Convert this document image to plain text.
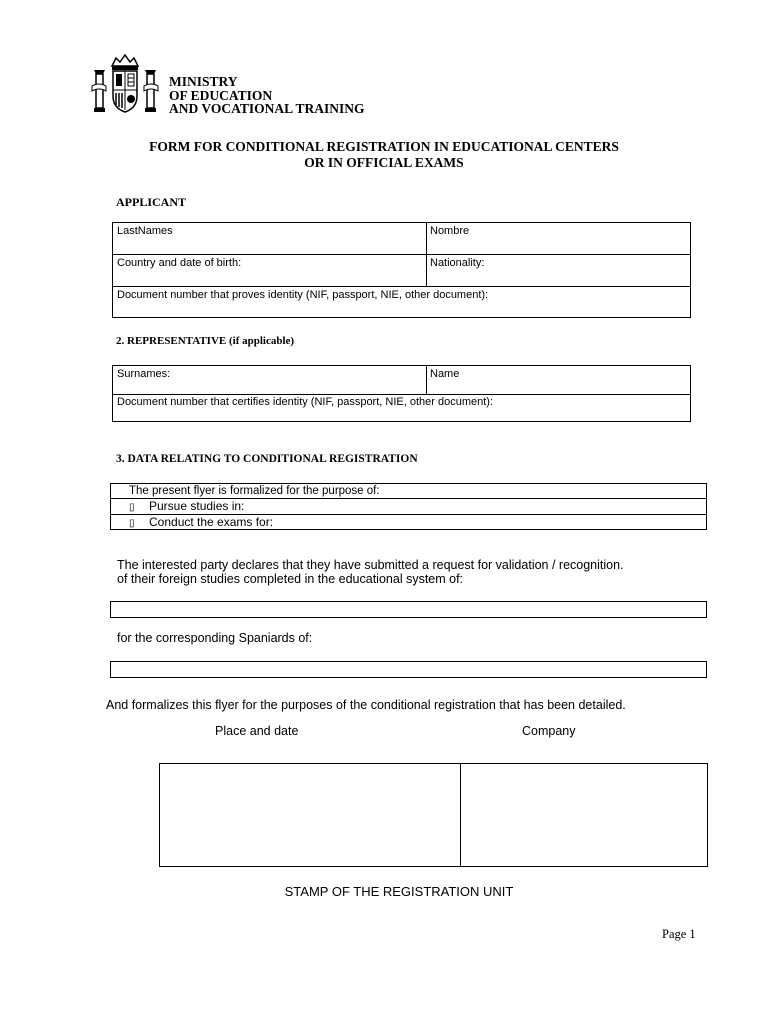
MINISTRY
OF EDUCATION
AND VOCATIONAL TRAINING
FORM FOR CONDITIONAL REGISTRATION IN EDUCATIONAL CENTERS
OR IN OFFICIAL EXAMS
APPLICANT
LastNames	Nombre
Country and date of birth:	Nationality:
Document number that proves identity (NIF, passport, NIE, other document):
2. REPRESENTATIVE (if applicable)
Surnames:	Name
Document number that certifies identity (NIF, passport, NIE, other document):
3. DATA RELATING TO CONDITIONAL REGISTRATION
The present flyer is formalized for the purpose of:
▯ Pursue studies in:
▯ Conduct the exams for:
The interested party declares that they have submitted a request for validation / recognition.
of their foreign studies completed in the educational system of:
for the corresponding Spaniards of:
And formalizes this flyer for the purposes of the conditional registration that has been detailed.
Place and date	Company
STAMP OF THE REGISTRATION UNIT
Page 1
